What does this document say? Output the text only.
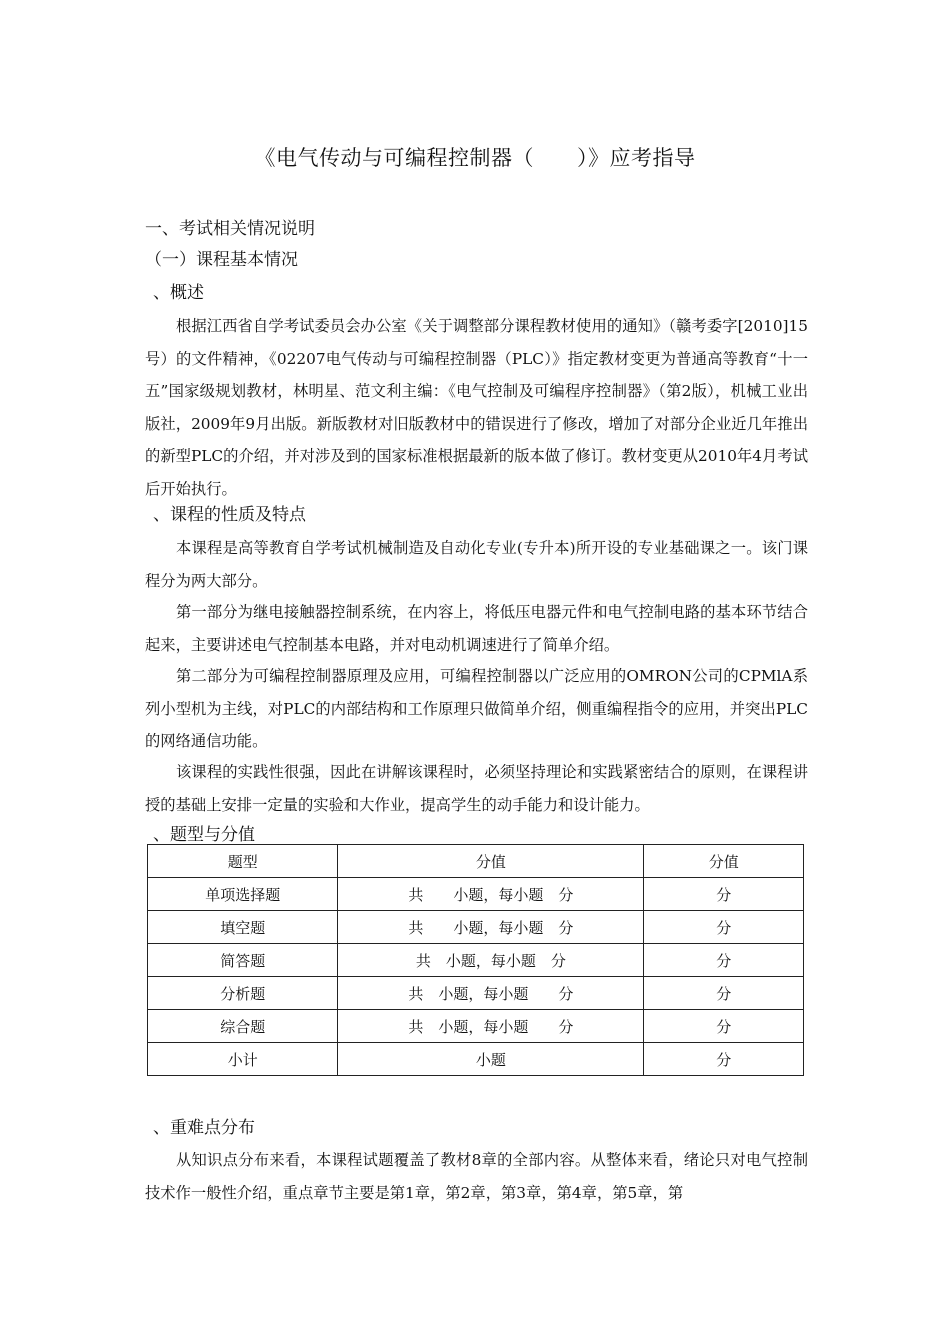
《电气传动与可编程控制器（　　）》应考指导
一、考试相关情况说明
（一）课程基本情况
、概述

根据江西省自学考试委员会办公室《关于调整部分课程教材使用的通知》（赣考委字[2010]15号）的文件精神，《02207电气传动与可编程控制器（PLC）》指定教材变更为普通高等教育“十一五”国家级规划教材，林明星、范文利主编：《电气控制及可编程序控制器》（第2版），机械工业出版社，2009年9月出版。新版教材对旧版教材中的错误进行了修改，增加了对部分企业近几年推出的新型PLC的介绍，并对涉及到的国家标准根据最新的版本做了修订。教材变更从2010年4月考试后开始执行。

、课程的性质及特点

本课程是高等教育自学考试机械制造及自动化专业(专升本)所开设的专业基础课之一。该门课程分为两大部分。

第一部分为继电接触器控制系统，在内容上，将低压电器元件和电气控制电路的基本环节结合起来，主要讲述电气控制基本电路，并对电动机调速进行了简单介绍。

第二部分为可编程控制器原理及应用，可编程控制器以广泛应用的OMRON公司的CPMlA系列小型机为主线，对PLC的内部结构和工作原理只做简单介绍，侧重编程指令的应用，并突出PLC的网络通信功能。

该课程的实践性很强，因此在讲解该课程时，必须坚持理论和实践紧密结合的原则，在课程讲授的基础上安排一定量的实验和大作业，提高学生的动手能力和设计能力。

、题型与分值
题型	分值	分值
单项选择题	共　　小题，每小题　分	分
填空题	共　　小题，每小题　分	分
简答题	共　小题，每小题　分	分
分析题	共　小题，每小题　　分	分
综合题	共　小题，每小题　　分	分
小计	小题	分
、重难点分布

从知识点分布来看，本课程试题覆盖了教材8章的全部内容。从整体来看，绪论只对电气控制技术作一般性介绍，重点章节主要是第1章，第2章，第3章，第4章，第5章，第
